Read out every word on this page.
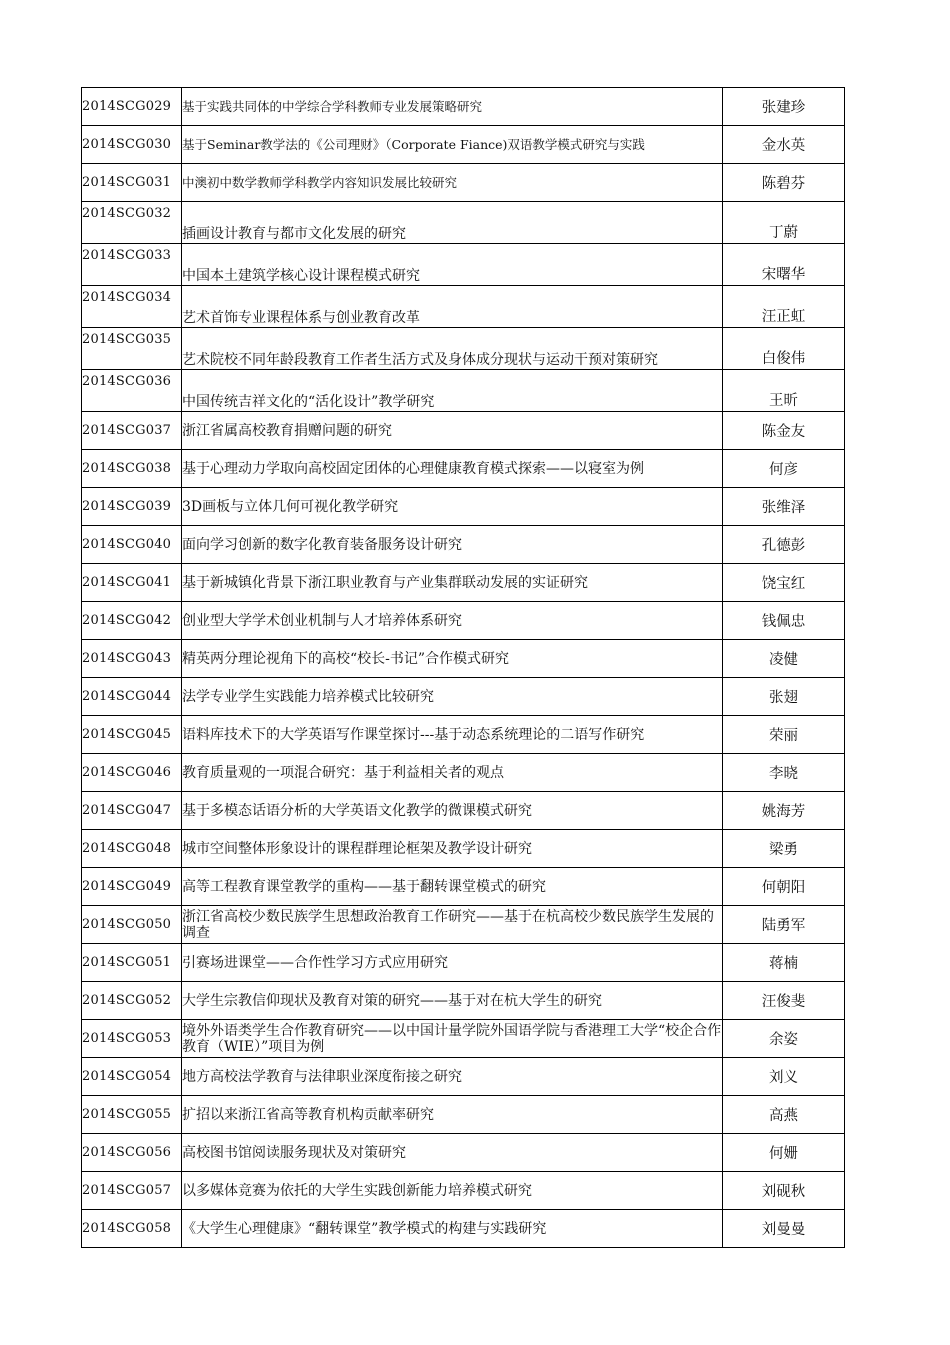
2014SCG029	基于实践共同体的中学综合学科教师专业发展策略研究	张建珍
2014SCG030	基于Seminar教学法的《公司理财》（Corporate Fiance)双语教学模式研究与实践	金水英
2014SCG031	中澳初中数学教师学科教学内容知识发展比较研究	陈碧芬
2014SCG032	插画设计教育与都市文化发展的研究	丁蔚
2014SCG033	中国本土建筑学核心设计课程模式研究	宋曙华
2014SCG034	艺术首饰专业课程体系与创业教育改革	汪正虹
2014SCG035	艺术院校不同年龄段教育工作者生活方式及身体成分现状与运动干预对策研究	白俊伟
2014SCG036	中国传统吉祥文化的“活化设计”教学研究	王昕
2014SCG037	浙江省属高校教育捐赠问题的研究	陈金友
2014SCG038	基于心理动力学取向高校固定团体的心理健康教育模式探索——以寝室为例	何彦
2014SCG039	3D画板与立体几何可视化教学研究	张维泽
2014SCG040	面向学习创新的数字化教育装备服务设计研究	孔德彭
2014SCG041	基于新城镇化背景下浙江职业教育与产业集群联动发展的实证研究	饶宝红
2014SCG042	创业型大学学术创业机制与人才培养体系研究	钱佩忠
2014SCG043	精英两分理论视角下的高校“校长-书记”合作模式研究	凌健
2014SCG044	法学专业学生实践能力培养模式比较研究	张翅
2014SCG045	语料库技术下的大学英语写作课堂探讨---基于动态系统理论的二语写作研究	荣丽
2014SCG046	教育质量观的一项混合研究：基于利益相关者的观点	李晓
2014SCG047	基于多模态话语分析的大学英语文化教学的微课模式研究	姚海芳
2014SCG048	城市空间整体形象设计的课程群理论框架及教学设计研究	梁勇
2014SCG049	高等工程教育课堂教学的重构——基于翻转课堂模式的研究	何朝阳
2014SCG050	浙江省高校少数民族学生思想政治教育工作研究——基于在杭高校少数民族学生发展的调查	陆勇军
2014SCG051	引赛场进课堂——合作性学习方式应用研究	蒋楠
2014SCG052	大学生宗教信仰现状及教育对策的研究——基于对在杭大学生的研究	汪俊斐
2014SCG053	境外外语类学生合作教育研究——以中国计量学院外国语学院与香港理工大学“校企合作教育（WIE）”项目为例	余姿
2014SCG054	地方高校法学教育与法律职业深度衔接之研究	刘义
2014SCG055	扩招以来浙江省高等教育机构贡献率研究	高燕
2014SCG056	高校图书馆阅读服务现状及对策研究	何姗
2014SCG057	以多媒体竞赛为依托的大学生实践创新能力培养模式研究	刘砚秋
2014SCG058	《大学生心理健康》“翻转课堂”教学模式的构建与实践研究	刘曼曼
